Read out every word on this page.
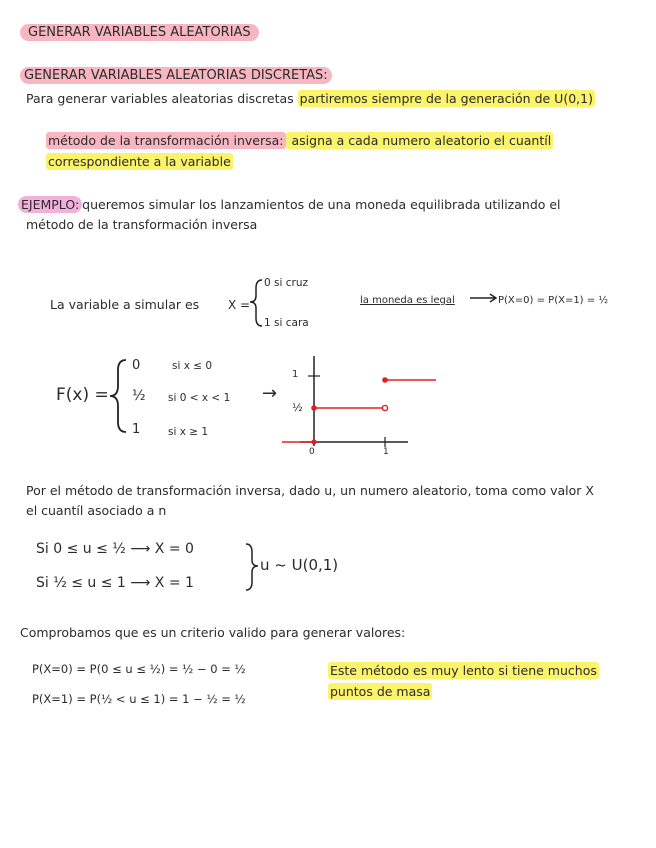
GENERAR VARIABLES ALEATORIAS
GENERAR VARIABLES ALEATORIAS DISCRETAS:
Para generar variables aleatorias discretas partiremos siempre de la generación de U(0,1)
método de la transformación inversa: asigna a cada numero aleatorio el cuantíl
correspondiente a la variable
EJEMPLO: queremos simular los lanzamientos de una moneda equilibrada utilizando el
método de la transformación inversa
La variable a simular es X =
0 si cruz
1 si cara
la moneda es legal	P(X=0) = P(X=1) = ½
F(x) =
0	si x ≤ 0
½ si 0 < x < 1
1	si x ≥ 1
→
1
½
0	1
Por el método de transformación inversa, dado u, un numero aleatorio, toma como valor X
el cuantíl asociado a n
Si 0 ≤ u ≤ ½ ⟶ X = 0
Si ½ ≤ u ≤ 1 ⟶ X = 1
u ~ U(0,1)
Comprobamos que es un criterio valido para generar valores:
P(X=0) = P(0 ≤ u ≤ ½) = ½ − 0 = ½
P(X=1) = P(½ < u ≤ 1) = 1 − ½ = ½
Este método es muy lento si tiene muchos
puntos de masa
